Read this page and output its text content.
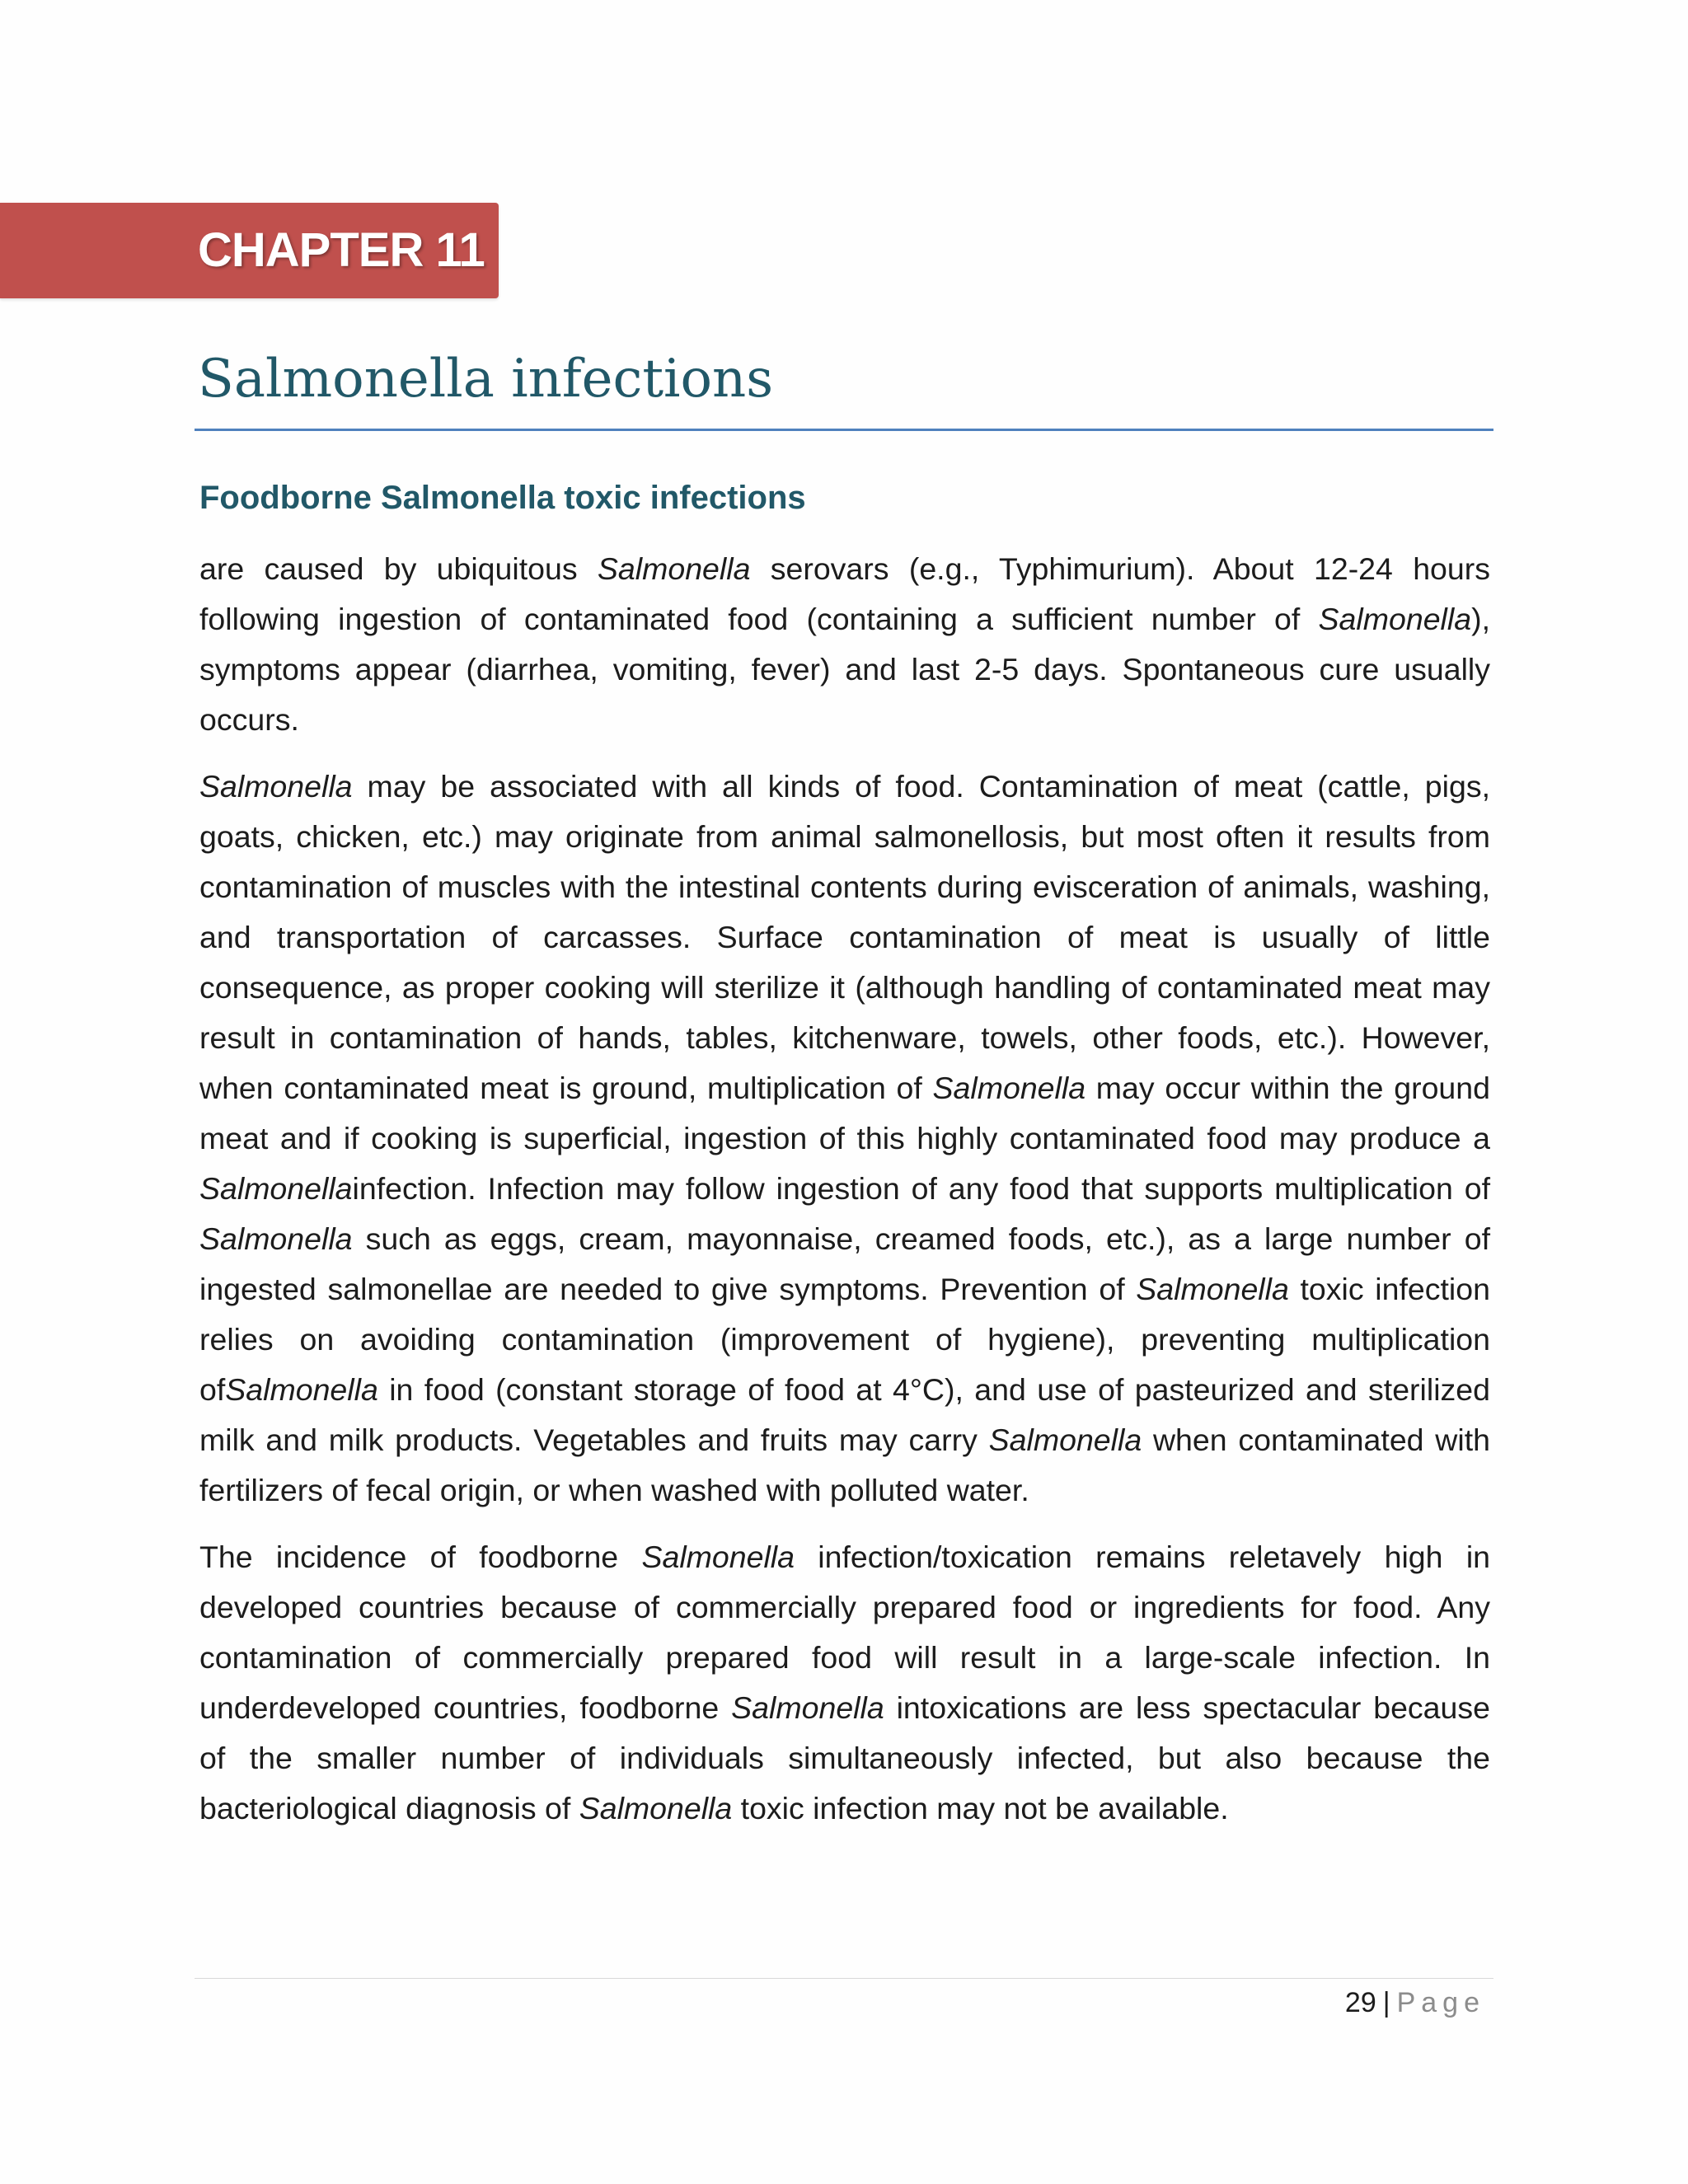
CHAPTER 11
Salmonella infections
Foodborne Salmonella toxic infections

are caused by ubiquitous Salmonella serovars (e.g., Typhimurium). About 12-24 hours following ingestion of contaminated food (containing a sufficient number of Salmonella), symptoms appear (diarrhea, vomiting, fever) and last 2-5 days. Spontaneous cure usually occurs.

Salmonella may be associated with all kinds of food. Contamination of meat (cattle, pigs, goats, chicken, etc.) may originate from animal salmonellosis, but most often it results from contamination of muscles with the intestinal contents during evisceration of animals, washing, and transportation of carcasses. Surface contamination of meat is usually of little consequence, as proper cooking will sterilize it (although handling of contaminated meat may result in contamination of hands, tables, kitchenware, towels, other foods, etc.). However, when contaminated meat is ground, multiplication of Salmonella may occur within the ground meat and if cooking is superficial, ingestion of this highly contaminated food may produce a Salmonellainfection. Infection may follow ingestion of any food that supports multiplication of Salmonella such as eggs, cream, mayonnaise, creamed foods, etc.), as a large number of ingested salmonellae are needed to give symptoms. Prevention of Salmonella toxic infection relies on avoiding contamination (improvement of hygiene), preventing multiplication ofSalmonella in food (constant storage of food at 4°C), and use of pasteurized and sterilized milk and milk products. Vegetables and fruits may carry Salmonella when contaminated with fertilizers of fecal origin, or when washed with polluted water.

The incidence of foodborne Salmonella infection/toxication remains reletavely high in developed countries because of commercially prepared food or ingredients for food. Any contamination of commercially prepared food will result in a large-scale infection. In underdeveloped countries, foodborne Salmonella intoxications are less spectacular because of the smaller number of individuals simultaneously infected, but also because the bacteriological diagnosis of Salmonella toxic infection may not be available.

29 | Page
